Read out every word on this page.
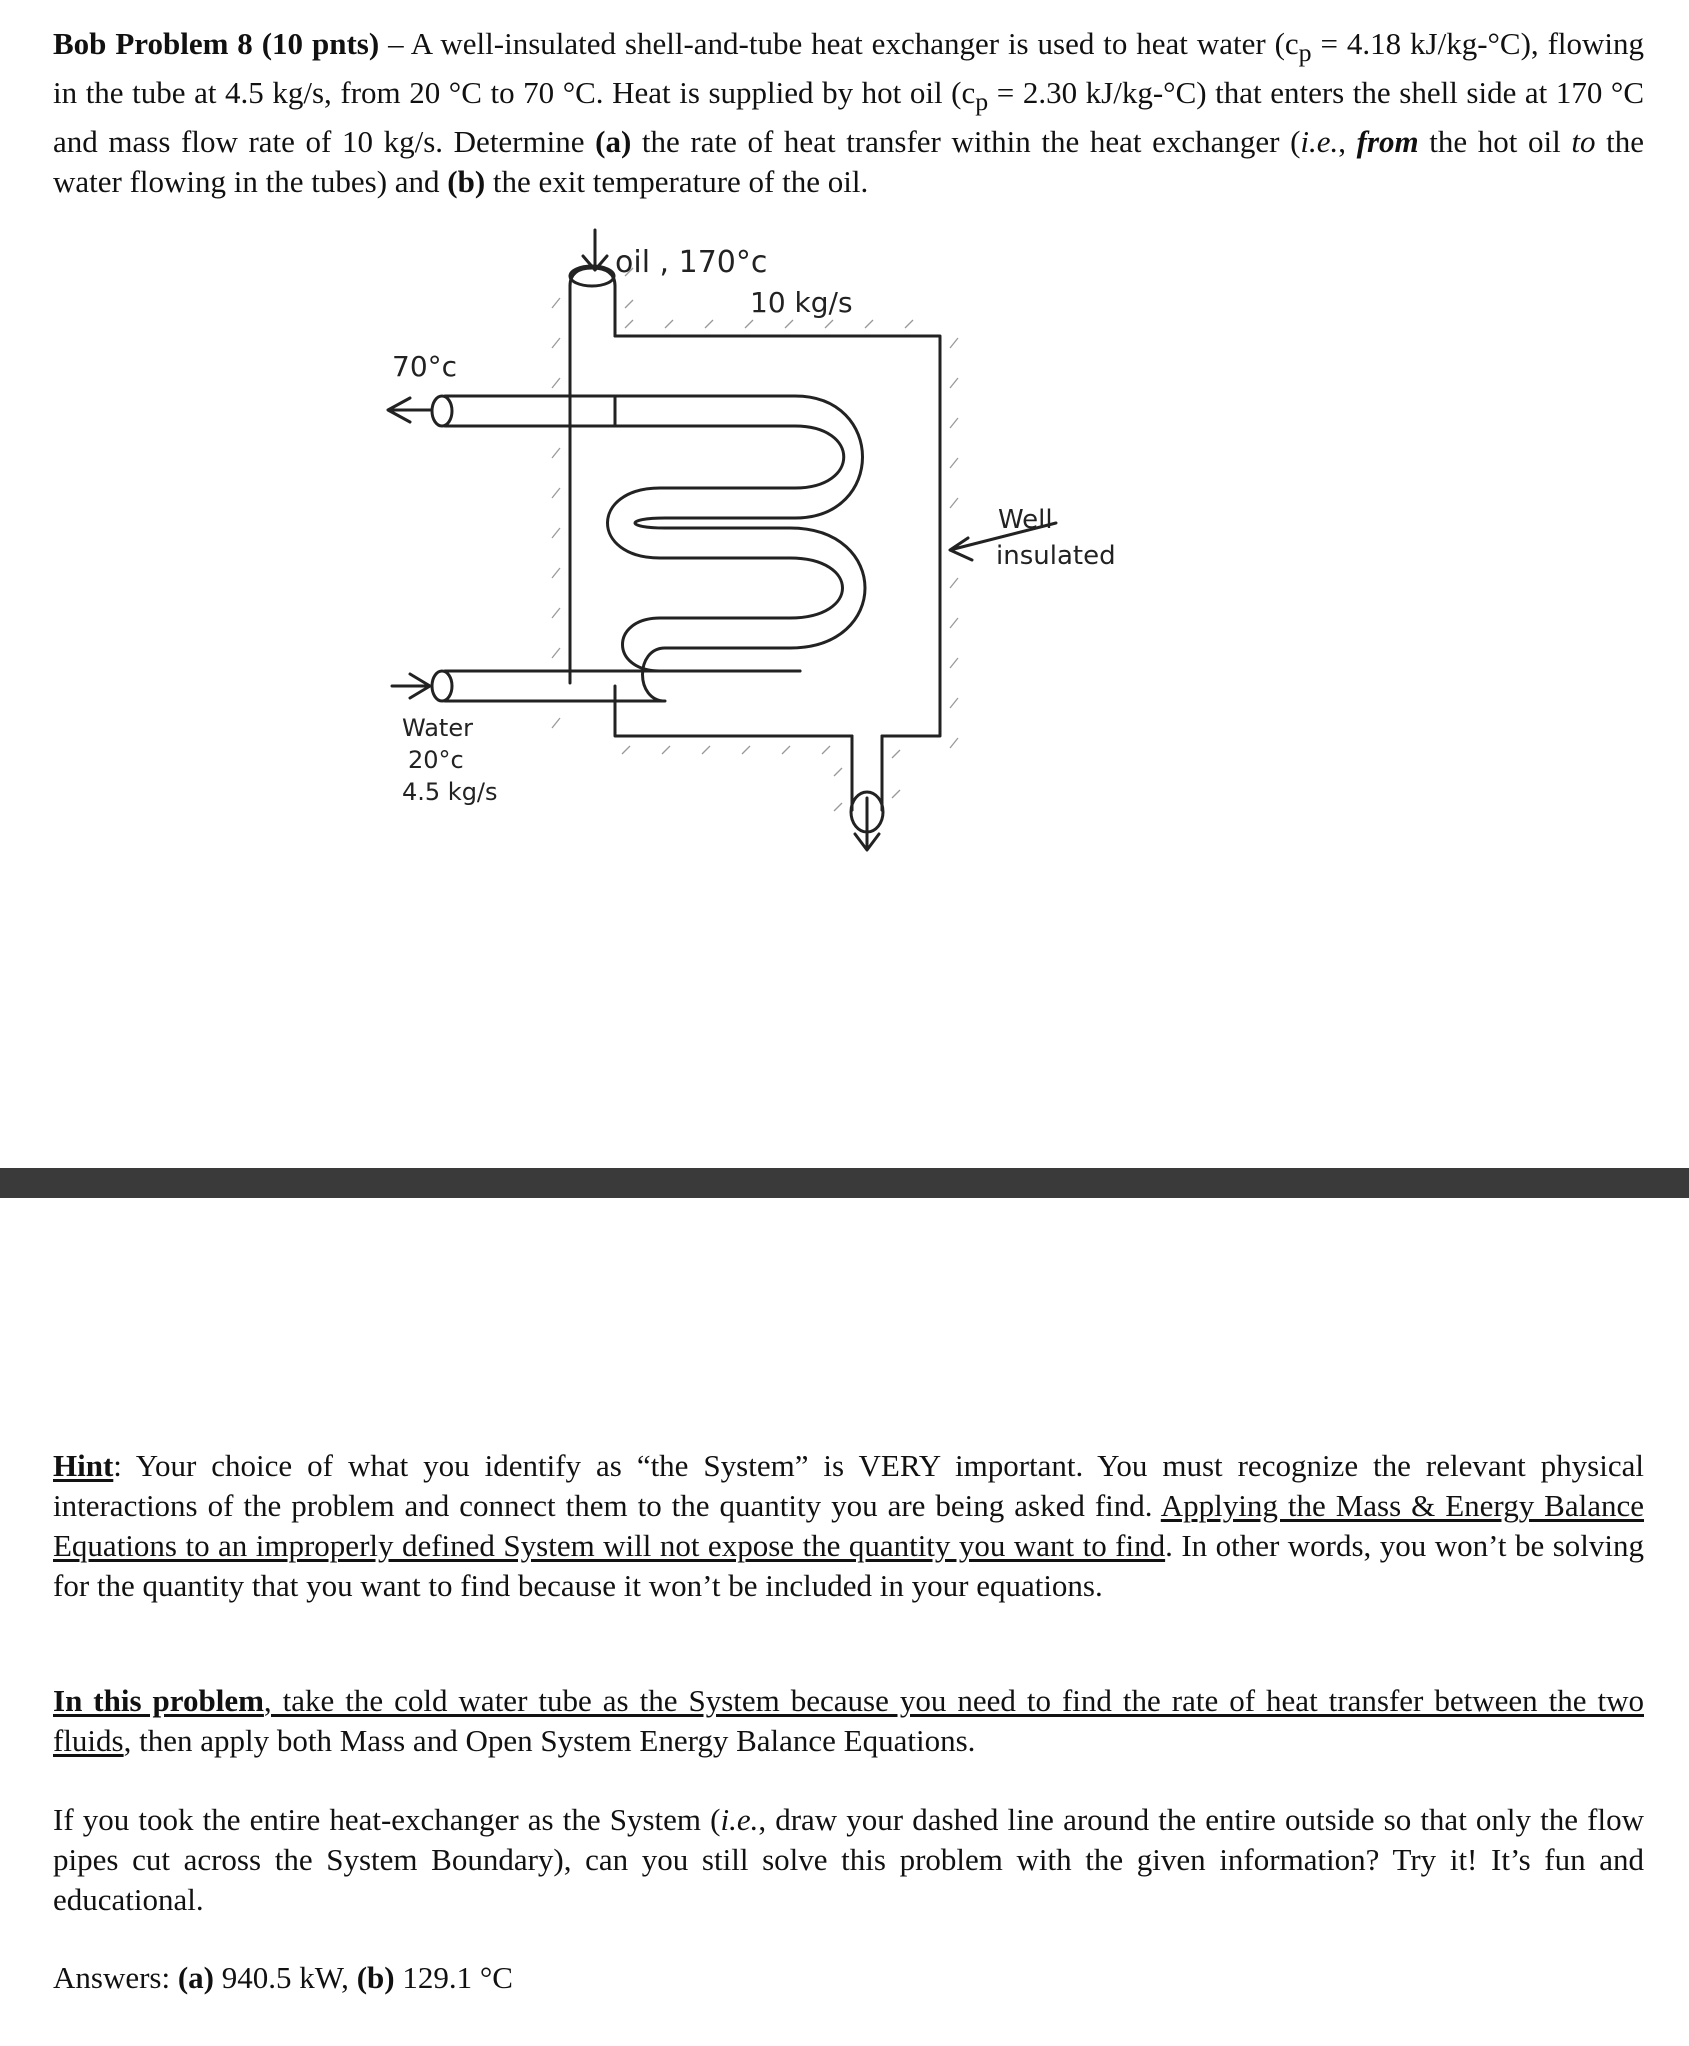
Bob Problem 8 (10 pnts) – A well-insulated shell-and-tube heat exchanger is used to heat water ($c_p = 4.18$ kJ/kg-°C), flowing in the tube at 4.5 kg/s, from 20 °C to 70 °C. Heat is supplied by hot oil ($c_p = 2.30$ kJ/kg-°C) that enters the shell side at 170 °C and mass flow rate of 10 kg/s. Determine (a) the rate of heat transfer within the heat exchanger (i.e., from the hot oil to the water flowing in the tubes) and (b) the exit temperature of the oil.

oil , 170°c
10 kg/s
70°c
Water
20°c
4.5 kg/s
Well
insulated

Hint: Your choice of what you identify as “the System” is VERY important. You must recognize the relevant physical interactions of the problem and connect them to the quantity you are being asked find. Applying the Mass & Energy Balance Equations to an improperly defined System will not expose the quantity you want to find. In other words, you won’t be solving for the quantity that you want to find because it won’t be included in your equations.

In this problem, take the cold water tube as the System because you need to find the rate of heat transfer between the two fluids, then apply both Mass and Open System Energy Balance Equations.

If you took the entire heat-exchanger as the System (i.e., draw your dashed line around the entire outside so that only the flow pipes cut across the System Boundary), can you still solve this problem with the given information? Try it! It’s fun and educational.

Answers: (a) 940.5 kW, (b) 129.1 °C
